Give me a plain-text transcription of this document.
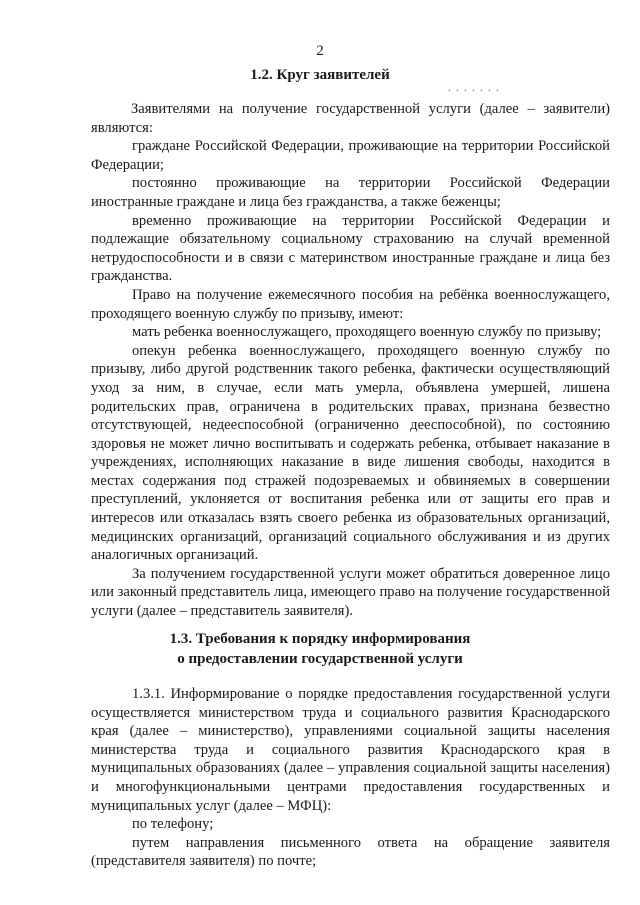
2
1.2. Круг заявителей
.......

Заявителями на получение государственной услуги (далее – заявители) являются:

граждане Российской Федерации, проживающие на территории Российской Федерации;

постоянно проживающие на территории Российской Федерации иностранные граждане и лица без гражданства, а также беженцы;

временно проживающие на территории Российской Федерации и подлежащие обязательному социальному страхованию на случай временной нетрудоспособности и в связи с материнством иностранные граждане и лица без гражданства.

Право на получение ежемесячного пособия на ребёнка военнослужащего, проходящего военную службу по призыву, имеют:

мать ребенка военнослужащего, проходящего военную службу по призыву;

опекун ребенка военнослужащего, проходящего военную службу по призыву, либо другой родственник такого ребенка, фактически осуществляющий уход за ним, в случае, если мать умерла, объявлена умершей, лишена родительских прав, ограничена в родительских правах, признана безвестно отсутствующей, недееспособной (ограниченно дееспособной), по состоянию здоровья не может лично воспитывать и содержать ребенка, отбывает наказание в учреждениях, исполняющих наказание в виде лишения свободы, находится в местах содержания под стражей подозреваемых и обвиняемых в совершении преступлений, уклоняется от воспитания ребенка или от защиты его прав и интересов или отказалась взять своего ребенка из образовательных организаций, медицинских организаций, организаций социального обслуживания и из других аналогичных организаций.

За получением государственной услуги может обратиться доверенное лицо или законный представитель лица, имеющего право на получение государственной услуги (далее – представитель заявителя).

1.3. Требования к порядку информирования
о предоставлении государственной услуги

1.3.1. Информирование о порядке предоставления государственной услуги осуществляется министерством труда и социального развития Краснодарского края (далее – министерство), управлениями социальной защиты населения министерства труда и социального развития Краснодарского края в муниципальных образованиях (далее – управления социальной защиты населения) и многофункциональными центрами предоставления государственных и муниципальных услуг (далее – МФЦ):

по телефону;

путем направления письменного ответа на обращение заявителя (представителя заявителя) по почте;
